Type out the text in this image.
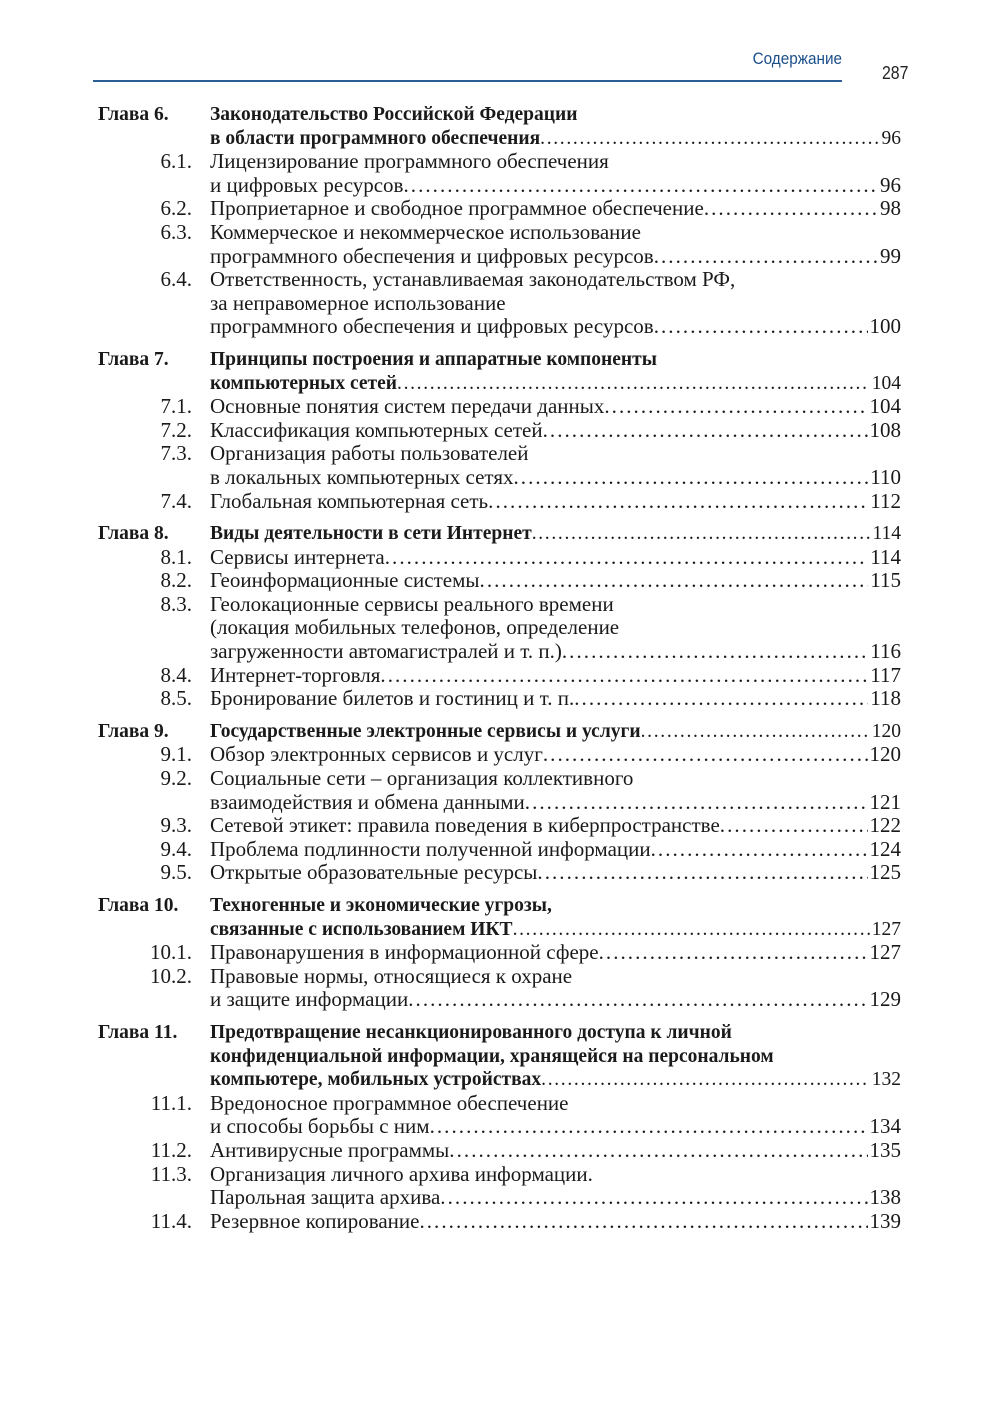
Содержание
287
Глава 6.	Законодательство Российской Федерации
в области программного обеспечения . . .	96
6.1. Лицензирование программного обеспечения
и цифровых ресурсов . . .	96
6.2. Проприетарное и свободное программное обеспечение . . .	98
6.3. Коммерческое и некоммерческое использование
программного обеспечения и цифровых ресурсов . . .	99
6.4. Ответственность, устанавливаемая законодательством РФ,
за неправомерное использование
программного обеспечения и цифровых ресурсов . . .	100
Глава 7.	Принципы построения и аппаратные компоненты
компьютерных сетей . . .	104
7.1. Основные понятия систем передачи данных . . .	104
7.2. Классификация компьютерных сетей . . .	108
7.3. Организация работы пользователей
в локальных компьютерных сетях . . .	110
7.4. Глобальная компьютерная сеть . . .	112
Глава 8.	Виды деятельности в сети Интернет . . .	114
8.1. Сервисы интернета . . .	114
8.2. Геоинформационные системы . . .	115
8.3. Геолокационные сервисы реального времени
(локация мобильных телефонов, определение
загруженности автомагистралей и т. п.) . . .	116
8.4. Интернет-торговля . . .	117
8.5. Бронирование билетов и гостиниц и т. п. . . .	118
Глава 9.	Государственные электронные сервисы и услуги . . .	120
9.1. Обзор электронных сервисов и услуг . . .	120
9.2. Социальные сети – организация коллективного
взаимодействия и обмена данными . . .	121
9.3. Сетевой этикет: правила поведения в киберпространстве . . .	122
9.4. Проблема подлинности полученной информации . . .	124
9.5. Открытые образовательные ресурсы . . .	125
Глава 10.	Техногенные и экономические угрозы,
связанные с использованием ИКТ . . .	127
10.1. Правонарушения в информационной сфере . . .	127
10.2. Правовые нормы, относящиеся к охране
и защите информации . . .	129
Глава 11.	Предотвращение несанкционированного доступа к личной
конфиденциальной информации, хранящейся на персональном
компьютере, мобильных устройствах . . .	132
11.1. Вредоносное программное обеспечение
и способы борьбы с ним . . .	134
11.2. Антивирусные программы . . .	135
11.3. Организация личного архива информации.
Парольная защита архива . . .	138
11.4. Резервное копирование . . .	139
